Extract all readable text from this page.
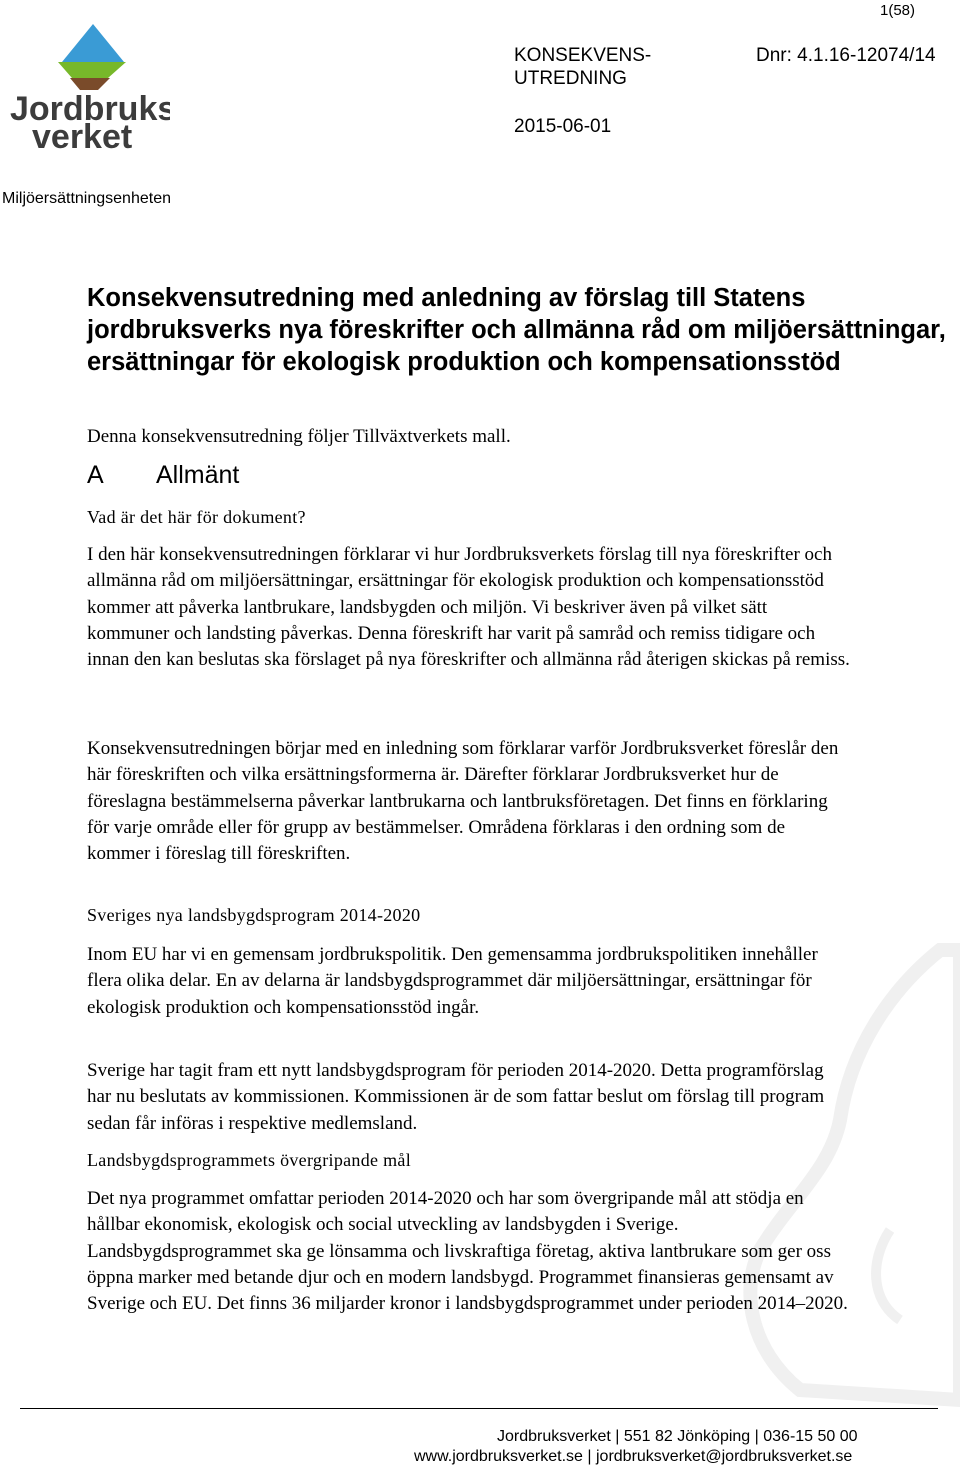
1(58)
Jordbruks
verket
KONSEKVENS-
UTREDNING
Dnr: 4.1.16-12074/14
2015-06-01
Miljöersättningsenheten
Konsekvensutredning med anledning av förslag till Statens jordbruksverks nya föreskrifter och allmänna råd om miljöersättningar, ersättningar för ekologisk produktion och kompensationsstöd

Denna konsekvensutredning följer Tillväxtverkets mall.

A Allmänt

Vad är det här för dokument?

I den här konsekvensutredningen förklarar vi hur Jordbruksverkets förslag till nya föreskrifter och allmänna råd om miljöersättningar, ersättningar för ekologisk produktion och kompensationsstöd kommer att påverka lantbrukare, landsbygden och miljön. Vi beskriver även på vilket sätt kommuner och landsting påverkas. Denna föreskrift har varit på samråd och remiss tidigare och innan den kan beslutas ska förslaget på nya föreskrifter och allmänna råd återigen skickas på remiss.

Konsekvensutredningen börjar med en inledning som förklarar varför Jordbruksverket föreslår den här föreskriften och vilka ersättningsformerna är. Därefter förklarar Jordbruksverket hur de föreslagna bestämmelserna påverkar lantbrukarna och lantbruksföretagen. Det finns en förklaring för varje område eller för grupp av bestämmelser. Områdena förklaras i den ordning som de kommer i föreslag till föreskriften.

Sveriges nya landsbygdsprogram 2014-2020

Inom EU har vi en gemensam jordbrukspolitik. Den gemensamma jordbrukspolitiken innehåller flera olika delar. En av delarna är landsbygdsprogrammet där miljöersättningar, ersättningar för ekologisk produktion och kompensationsstöd ingår.

Sverige har tagit fram ett nytt landsbygdsprogram för perioden 2014-2020. Detta programförslag har nu beslutats av kommissionen. Kommissionen är de som fattar beslut om förslag till program sedan får införas i respektive medlemsland.

Landsbygdsprogrammets övergripande mål

Det nya programmet omfattar perioden 2014-2020 och har som övergripande mål att stödja en hållbar ekonomisk, ekologisk och social utveckling av landsbygden i Sverige. Landsbygdsprogrammet ska ge lönsamma och livskraftiga företag, aktiva lantbrukare som ger oss öppna marker med betande djur och en modern landsbygd. Programmet finansieras gemensamt av Sverige och EU. Det finns 36 miljarder kronor i landsbygdsprogrammet under perioden 2014–2020.

Jordbruksverket | 551 82 Jönköping | 036-15 50 00
www.jordbruksverket.se | jordbruksverket@jordbruksverket.se
